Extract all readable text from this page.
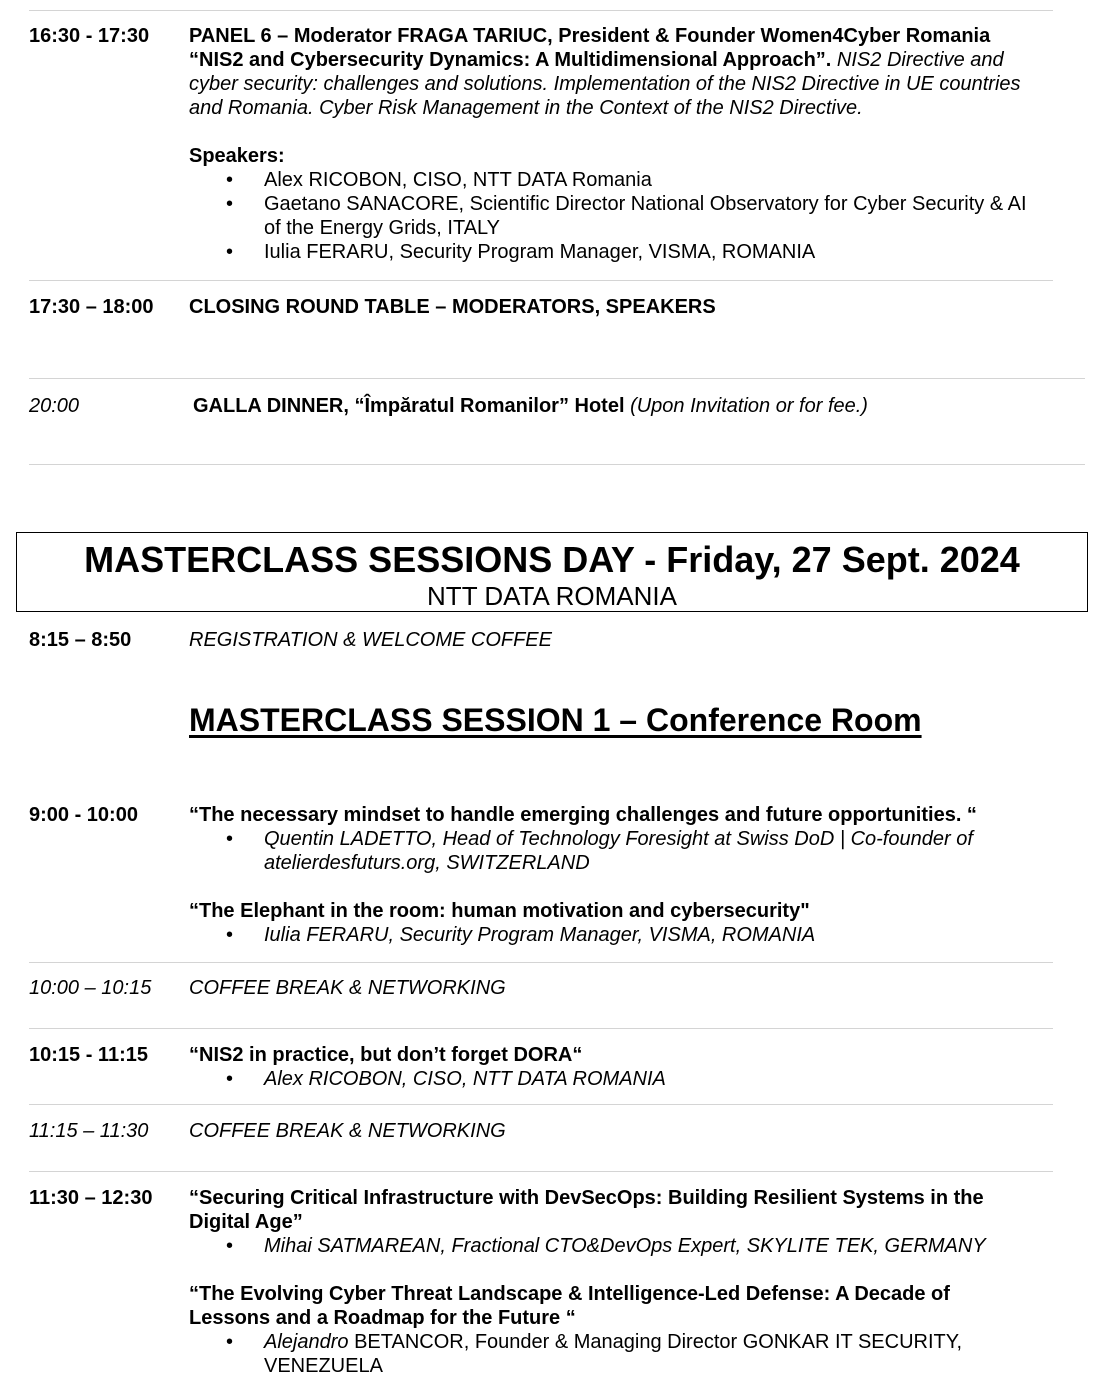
16:30 - 17:30 PANEL 6 – Moderator FRAGA TARIUC, President & Founder Women4Cyber Romania
“NIS2 and Cybersecurity Dynamics: A Multidimensional Approach”. NIS2 Directive and cyber security: challenges and solutions. Implementation of the NIS2 Directive in UE countries and Romania. Cyber Risk Management in the Context of the NIS2 Directive.
Speakers:
• Alex RICOBON, CISO, NTT DATA Romania
• Gaetano SANACORE, Scientific Director National Observatory for Cyber Security & AI of the Energy Grids, ITALY
• Iulia FERARU, Security Program Manager, VISMA, ROMANIA
17:30 – 18:00 CLOSING ROUND TABLE – MODERATORS, SPEAKERS
20:00	GALLA DINNER, “Împăratul Romanilor” Hotel (Upon Invitation or for fee.)
MASTERCLASS SESSIONS DAY - Friday, 27 Sept. 2024
NTT DATA ROMANIA
8:15 – 8:50	REGISTRATION & WELCOME COFFEE
MASTERCLASS SESSION 1 – Conference Room
9:00 - 10:00	“The necessary mindset to handle emerging challenges and future opportunities. “
• Quentin LADETTO, Head of Technology Foresight at Swiss DoD | Co-founder of atelierdesfuturs.org, SWITZERLAND
“The Elephant in the room: human motivation and cybersecurity"
• Iulia FERARU, Security Program Manager, VISMA, ROMANIA
10:00 – 10:15 COFFEE BREAK & NETWORKING
10:15 - 11:15 “NIS2 in practice, but don’t forget DORA“
• Alex RICOBON, CISO, NTT DATA ROMANIA
11:15 – 11:30 COFFEE BREAK & NETWORKING
11:30 – 12:30 “Securing Critical Infrastructure with DevSecOps: Building Resilient Systems in the Digital Age”
• Mihai SATMAREAN, Fractional CTO&DevOps Expert, SKYLITE TEK, GERMANY
“The Evolving Cyber Threat Landscape & Intelligence-Led Defense: A Decade of Lessons and a Roadmap for the Future “
• Alejandro BETANCOR, Founder & Managing Director GONKAR IT SECURITY, VENEZUELA
